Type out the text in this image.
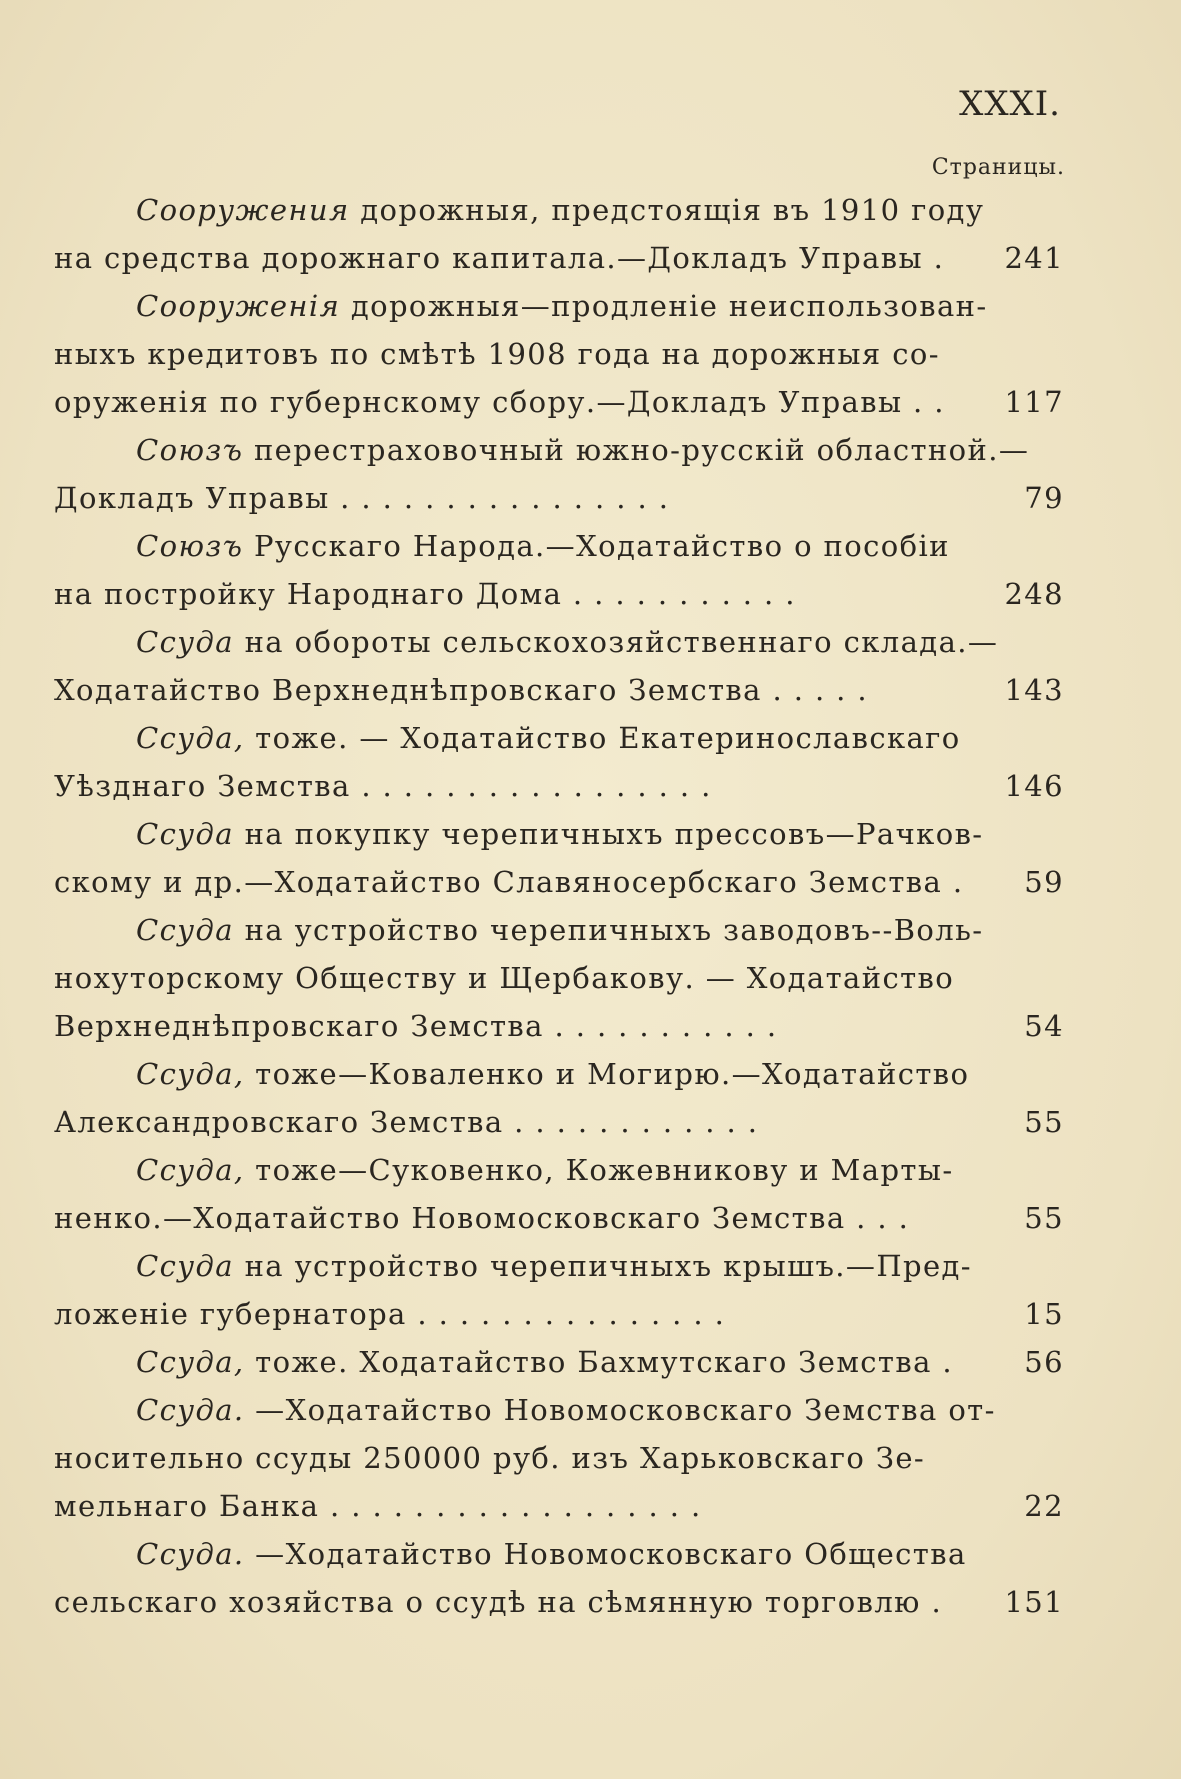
XXXI.
Страницы.
Сооружения дорожныя, предстоящія въ 1910 году
на средства дорожнаго капитала.—Докладъ Управы .	241
Сооруженія дорожныя—продленіе неиспользован-
ныхъ кредитовъ по смѣтѣ 1908 года на дорожныя со-
оруженія по губернскому сбору.—Докладъ Управы . .	117
Союзъ перестраховочный южно-русскій областной.—
Докладъ Управы . . . . . . . . . . . . . . . .	79
Союзъ Русскаго Народа.—Ходатайство о пособіи
на постройку Народнаго Дома . . . . . . . . . . .	248
Ссуда на обороты сельскохозяйственнаго склада.—
Ходатайство Верхнеднѣпровскаго Земства . . . . .	143
Ссуда, тоже. — Ходатайство Екатеринославскаго
Уѣзднаго Земства . . . . . . . . . . . . . . . . .	146
Ссуда на покупку черепичныхъ прессовъ—Рачков-
скому и др.—Ходатайство Славяносербскаго Земства .	59
Ссуда на устройство черепичныхъ заводовъ--Воль-
нохуторскому Обществу и Щербакову. — Ходатайство
Верхнеднѣпровскаго Земства . . . . . . . . . . .	54
Ссуда, тоже—Коваленко и Могирю.—Ходатайство
Александровскаго Земства . . . . . . . . . . . .	55
Ссуда, тоже—Суковенко, Кожевникову и Марты-
ненко.—Ходатайство Новомосковскаго Земства . . .	55
Ссуда на устройство черепичныхъ крышъ.—Пред-
ложеніе губернатора . . . . . . . . . . . . . . .	15
Ссуда, тоже. Ходатайство Бахмутскаго Земства .	56
Ссуда. —Ходатайство Новомосковскаго Земства от-
носительно ссуды 250000 руб. изъ Харьковскаго Зе-
мельнаго Банка . . . . . . . . . . . . . . . . . .	22
Ссуда. —Ходатайство Новомосковскаго Общества
сельскаго хозяйства о ссудѣ на сѣмянную торговлю .	151
